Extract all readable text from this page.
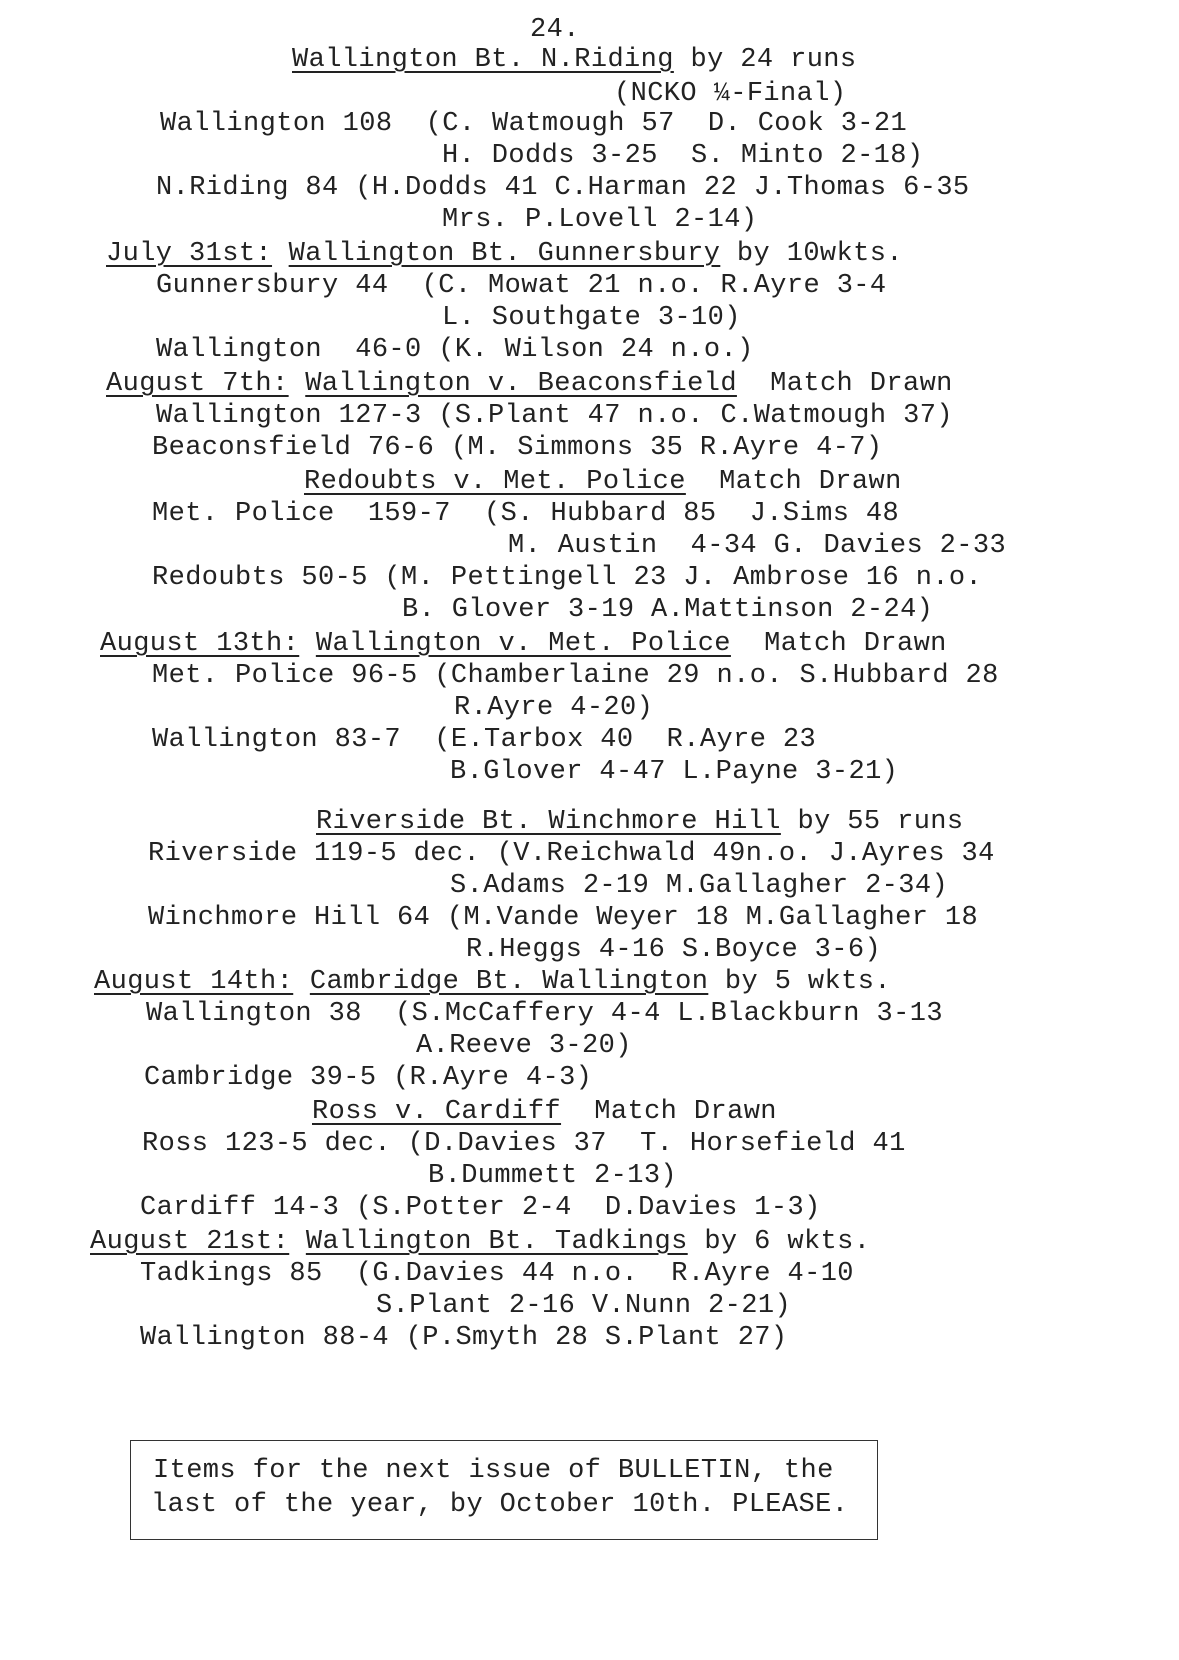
24.
Wallington Bt. N.Riding by 24 runs
(NCKO ¼-Final)
Wallington 108  (C. Watmough 57  D. Cook 3-21
H. Dodds 3-25  S. Minto 2-18)
N.Riding 84 (H.Dodds 41 C.Harman 22 J.Thomas 6-35
Mrs. P.Lovell 2-14)
July 31st: Wallington Bt. Gunnersbury by 10wkts.
Gunnersbury 44  (C. Mowat 21 n.o. R.Ayre 3-4
L. Southgate 3-10)
Wallington  46-0 (K. Wilson 24 n.o.)
August 7th: Wallington v. Beaconsfield Match Drawn
Wallington 127-3 (S.Plant 47 n.o. C.Watmough 37)
Beaconsfield 76-6 (M. Simmons 35 R.Ayre 4-7)
Redoubts v. Met. Police Match Drawn
Met. Police  159-7  (S. Hubbard 85  J.Sims 48
M. Austin  4-34 G. Davies 2-33
Redoubts 50-5 (M. Pettingell 23 J. Ambrose 16 n.o.
B. Glover 3-19 A.Mattinson 2-24)
August 13th: Wallington v. Met. Police Match Drawn
Met. Police 96-5 (Chamberlaine 29 n.o. S.Hubbard 28
R.Ayre 4-20)
Wallington 83-7  (E.Tarbox 40  R.Ayre 23
B.Glover 4-47 L.Payne 3-21)
Riverside Bt. Winchmore Hill by 55 runs
Riverside 119-5 dec. (V.Reichwald 49n.o. J.Ayres 34
S.Adams 2-19 M.Gallagher 2-34)
Winchmore Hill 64 (M.Vande Weyer 18 M.Gallagher 18
R.Heggs 4-16 S.Boyce 3-6)
August 14th: Cambridge Bt. Wallington by 5 wkts.
Wallington 38  (S.McCaffery 4-4 L.Blackburn 3-13
A.Reeve 3-20)
Cambridge 39-5 (R.Ayre 4-3)
Ross v. Cardiff Match Drawn
Ross 123-5 dec. (D.Davies 37  T. Horsefield 41
B.Dummett 2-13)
Cardiff 14-3 (S.Potter 2-4  D.Davies 1-3)
August 21st: Wallington Bt. Tadkings by 6 wkts.
Tadkings 85  (G.Davies 44 n.o.  R.Ayre 4-10
S.Plant 2-16 V.Nunn 2-21)
Wallington 88-4 (P.Smyth 28 S.Plant 27)
Items for the next issue of BULLETIN, the
last of the year, by October 10th. PLEASE.
